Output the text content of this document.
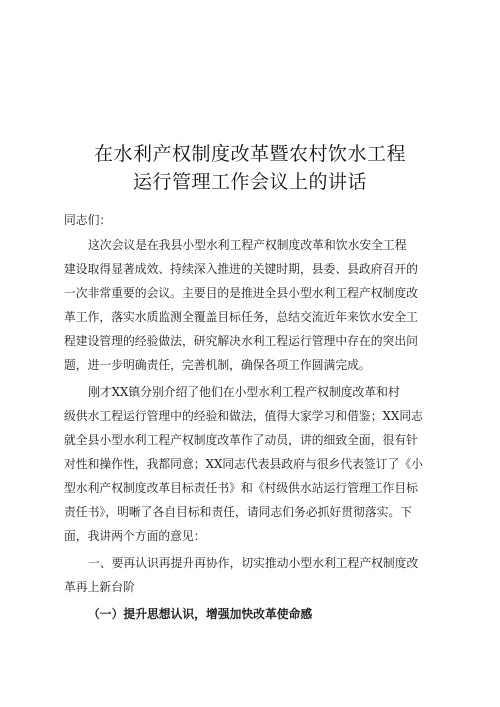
在水利产权制度改革暨农村饮水工程
运行管理工作会议上的讲话
同志们：
这次会议是在我县小型水利工程产权制度改革和饮水安全工程
建设取得显著成效、持续深入推进的关键时期，县委、县政府召开的
一次非常重要的会议。主要目的是推进全县小型水利工程产权制度改
革工作，落实水质监测全覆盖目标任务，总结交流近年来饮水安全工
程建设管理的经验做法，研究解决水利工程运行管理中存在的突出问
题，进一步明确责任，完善机制，确保各项工作圆满完成。
刚才XX镇分别介绍了他们在小型水利工程产权制度改革和村
级供水工程运行管理中的经验和做法，值得大家学习和借鉴；XX同志
就全县小型水利工程产权制度改革作了动员，讲的细致全面，很有针
对性和操作性，我都同意；XX同志代表县政府与很乡代表签订了《小
型水利产权制度改革目标责任书》和《村级供水站运行管理工作目标
责任书》，明晰了各自目标和责任，请同志们务必抓好贯彻落实。下
面，我讲两个方面的意见：
一、要再认识再提升再协作，切实推动小型水利工程产权制度改
革再上新台阶
（一）提升思想认识，增强加快改革使命感
